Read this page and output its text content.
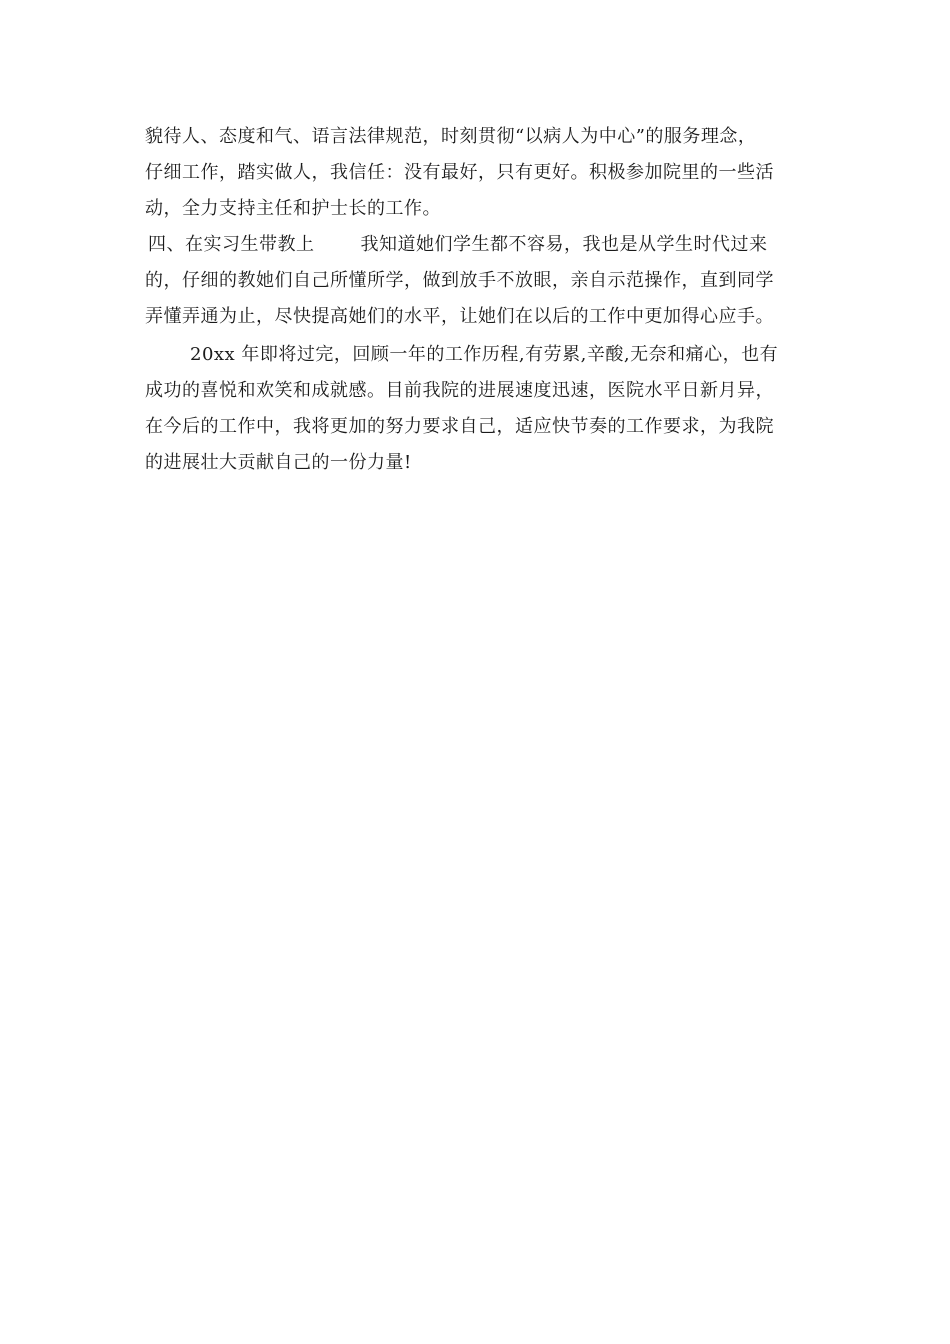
貌待人、态度和气、语言法律规范，时刻贯彻“以病人为中心”的服务理念，
仔细工作，踏实做人，我信任：没有最好，只有更好。积极参加院里的一些活
动，全力支持主任和护士长的工作。
四、在实习生带教上	我知道她们学生都不容易，我也是从学生时代过来
的，仔细的教她们自己所懂所学，做到放手不放眼，亲自示范操作，直到同学
弄懂弄通为止，尽快提高她们的水平，让她们在以后的工作中更加得心应手。
20xx 年即将过完，回顾一年的工作历程,有劳累,辛酸,无奈和痛心，也有
成功的喜悦和欢笑和成就感。目前我院的进展速度迅速，医院水平日新月异，
在今后的工作中，我将更加的努力要求自己，适应快节奏的工作要求，为我院
的进展壮大贡献自己的一份力量!
